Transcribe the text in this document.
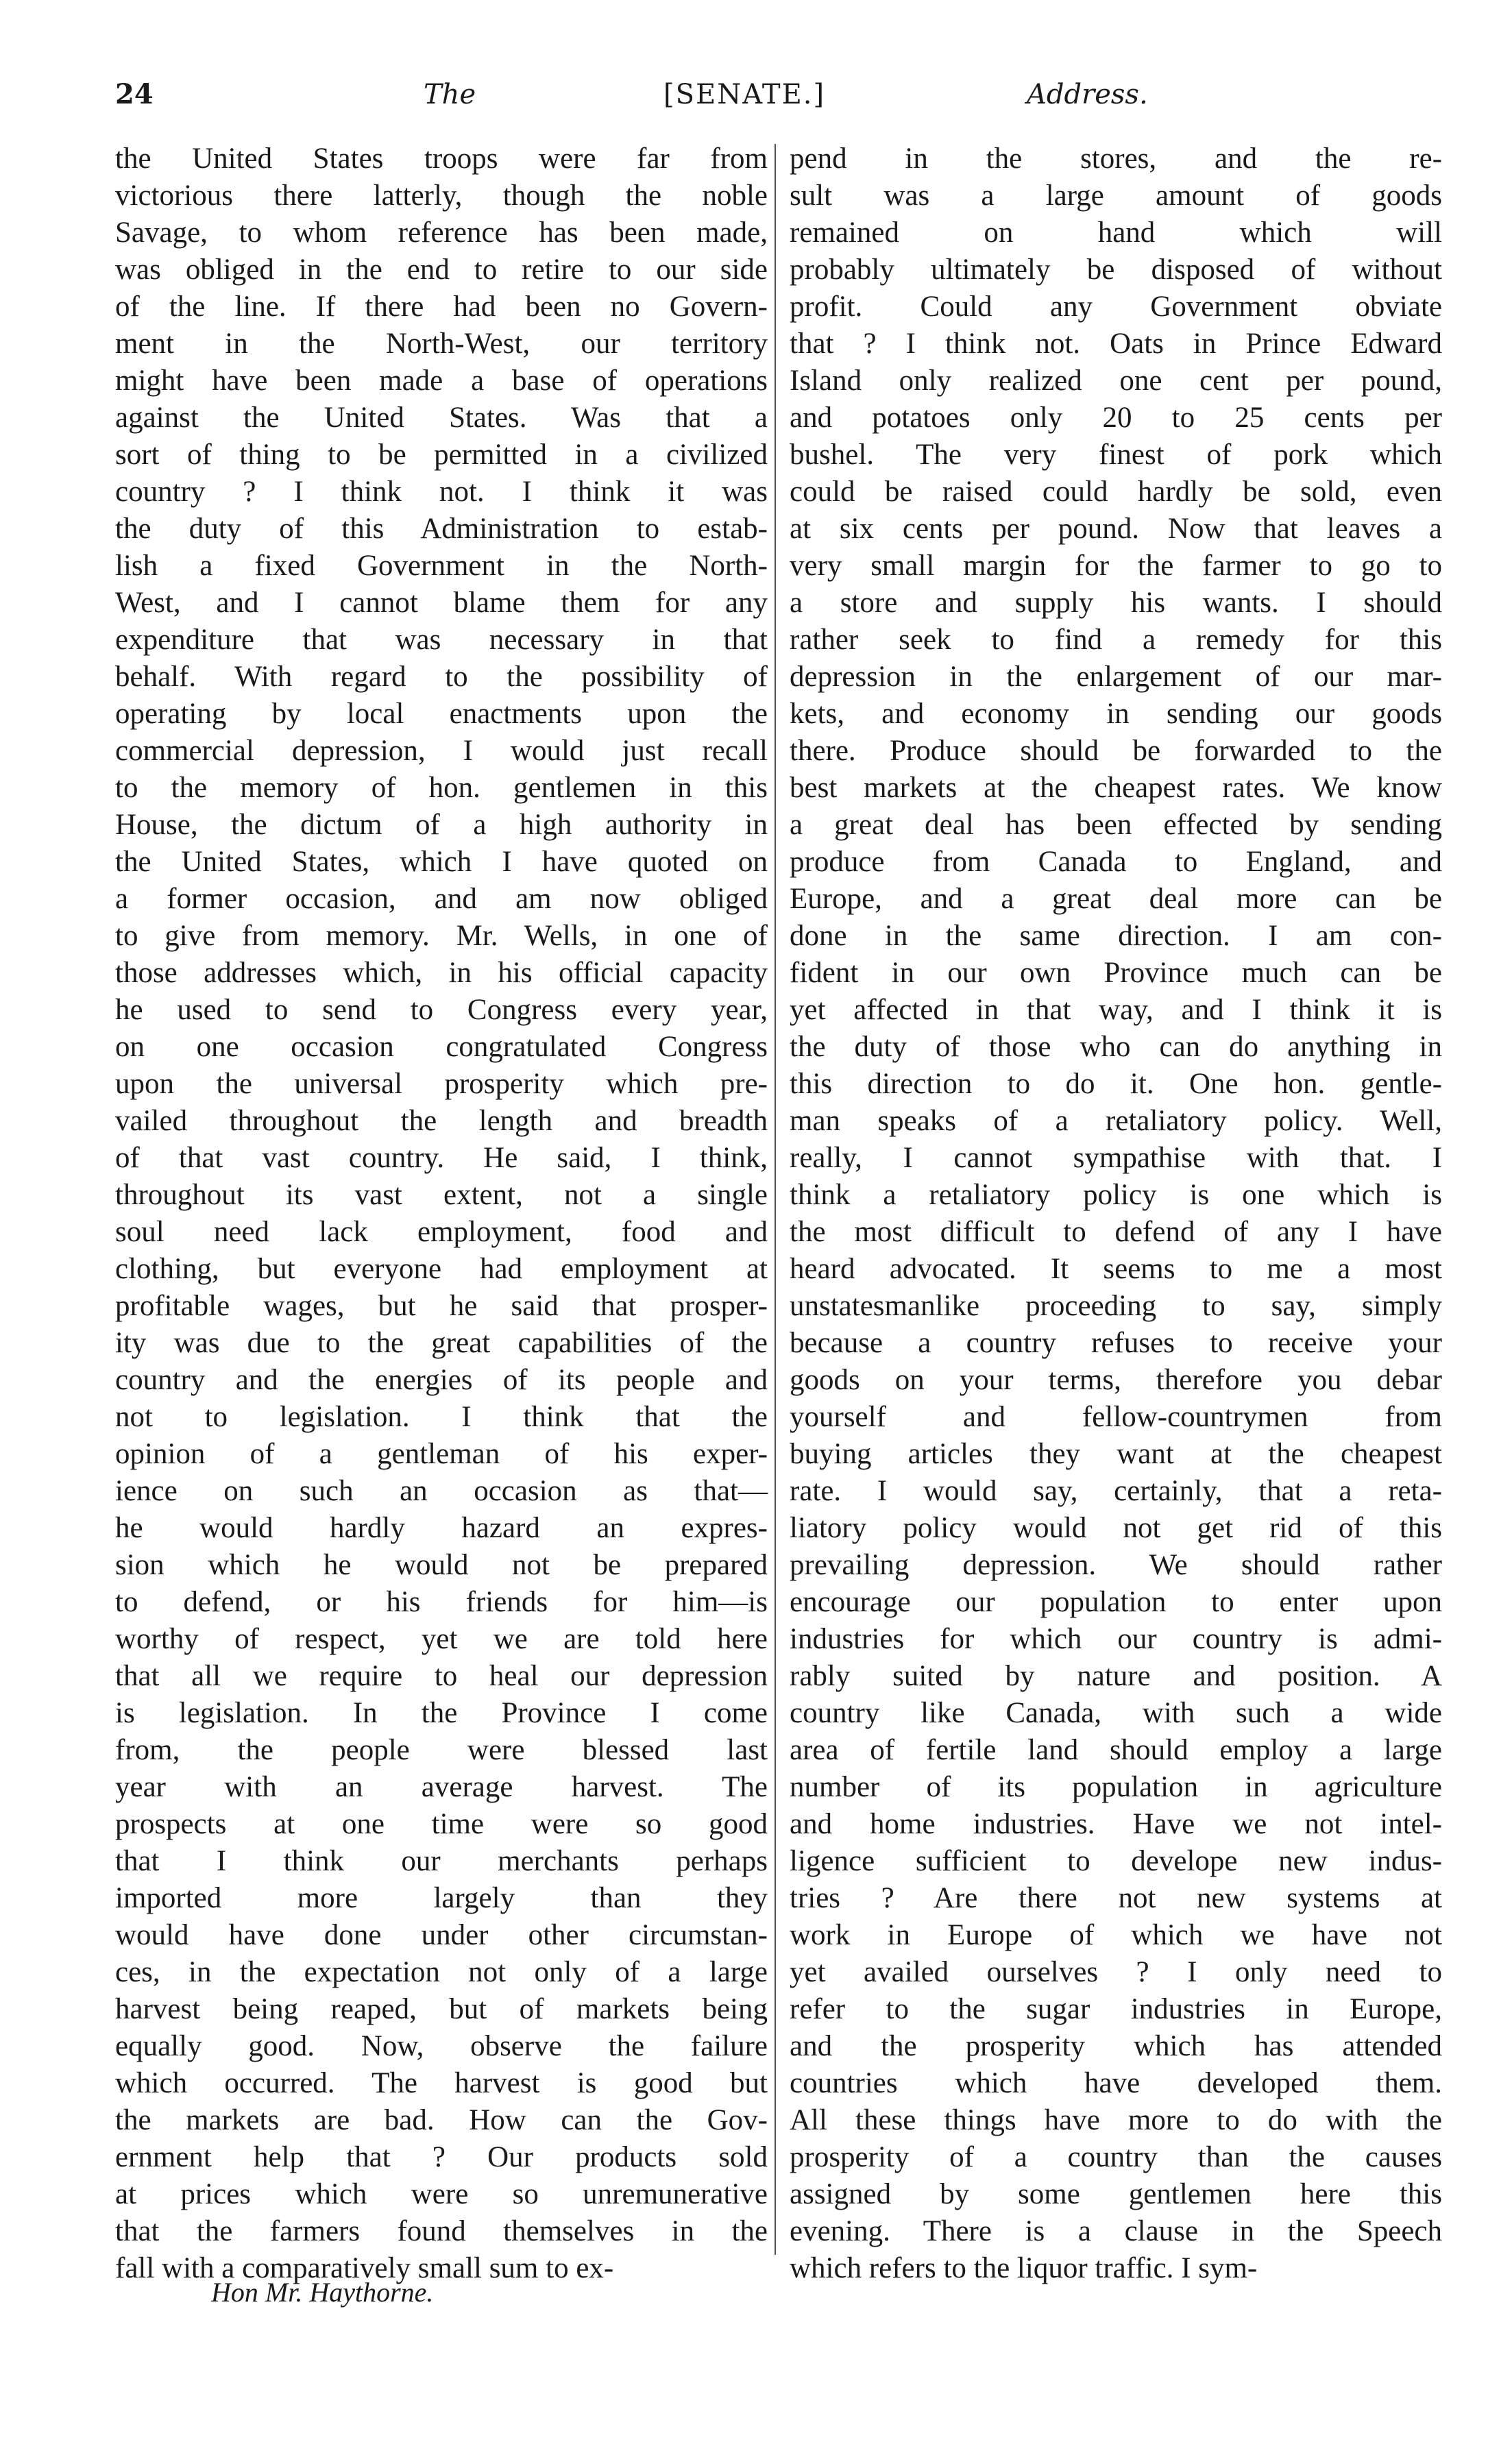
24	The	[SENATE.]	Address.
the United States troops were far from
victorious there latterly, though the noble
Savage, to whom reference has been made,
was obliged in the end to retire to our side
of the line. If there had been no Govern-
ment in the North-West, our territory
might have been made a base of operations
against the United States. Was that a
sort of thing to be permitted in a civilized
country ? I think not. I think it was
the duty of this Administration to estab-
lish a fixed Government in the North-
West, and I cannot blame them for any
expenditure that was necessary in that
behalf. With regard to the possibility of
operating by local enactments upon the
commercial depression, I would just recall
to the memory of hon. gentlemen in this
House, the dictum of a high authority in
the United States, which I have quoted on
a former occasion, and am now obliged
to give from memory. Mr. Wells, in one of
those addresses which, in his official capacity
he used to send to Congress every year,
on one occasion congratulated Congress
upon the universal prosperity which pre-
vailed throughout the length and breadth
of that vast country. He said, I think,
throughout its vast extent, not a single
soul need lack employment, food and
clothing, but everyone had employment at
profitable wages, but he said that prosper-
ity was due to the great capabilities of the
country and the energies of its people and
not to legislation. I think that the
opinion of a gentleman of his exper-
ience on such an occasion as that—
he would hardly hazard an expres-
sion which he would not be prepared
to defend, or his friends for him—is
worthy of respect, yet we are told here
that all we require to heal our depression
is legislation. In the Province I come
from, the people were blessed last
year with an average harvest. The
prospects at one time were so good
that I think our merchants perhaps
imported more largely than they
would have done under other circumstan-
ces, in the expectation not only of a large
harvest being reaped, but of markets being
equally good. Now, observe the failure
which occurred. The harvest is good but
the markets are bad. How can the Gov-
ernment help that ? Our products sold
at prices which were so unremunerative
that the farmers found themselves in the
fall with a comparatively small sum to ex-
pend in the stores, and the re-
sult was a large amount of goods
remained on hand which will
probably ultimately be disposed of without
profit. Could any Government obviate
that ? I think not. Oats in Prince Edward
Island only realized one cent per pound,
and potatoes only 20 to 25 cents per
bushel. The very finest of pork which
could be raised could hardly be sold, even
at six cents per pound. Now that leaves a
very small margin for the farmer to go to
a store and supply his wants. I should
rather seek to find a remedy for this
depression in the enlargement of our mar-
kets, and economy in sending our goods
there. Produce should be forwarded to the
best markets at the cheapest rates. We know
a great deal has been effected by sending
produce from Canada to England, and
Europe, and a great deal more can be
done in the same direction. I am con-
fident in our own Province much can be
yet affected in that way, and I think it is
the duty of those who can do anything in
this direction to do it. One hon. gentle-
man speaks of a retaliatory policy. Well,
really, I cannot sympathise with that. I
think a retaliatory policy is one which is
the most difficult to defend of any I have
heard advocated. It seems to me a most
unstatesmanlike proceeding to say, simply
because a country refuses to receive your
goods on your terms, therefore you debar
yourself and fellow-countrymen from
buying articles they want at the cheapest
rate. I would say, certainly, that a reta-
liatory policy would not get rid of this
prevailing depression. We should rather
encourage our population to enter upon
industries for which our country is admi-
rably suited by nature and position. A
country like Canada, with such a wide
area of fertile land should employ a large
number of its population in agriculture
and home industries. Have we not intel-
ligence sufficient to develope new indus-
tries ? Are there not new systems at
work in Europe of which we have not
yet availed ourselves ? I only need to
refer to the sugar industries in Europe,
and the prosperity which has attended
countries which have developed them.
All these things have more to do with the
prosperity of a country than the causes
assigned by some gentlemen here this
evening. There is a clause in the Speech
which refers to the liquor traffic. I sym-
Hon Mr. Haythorne.
